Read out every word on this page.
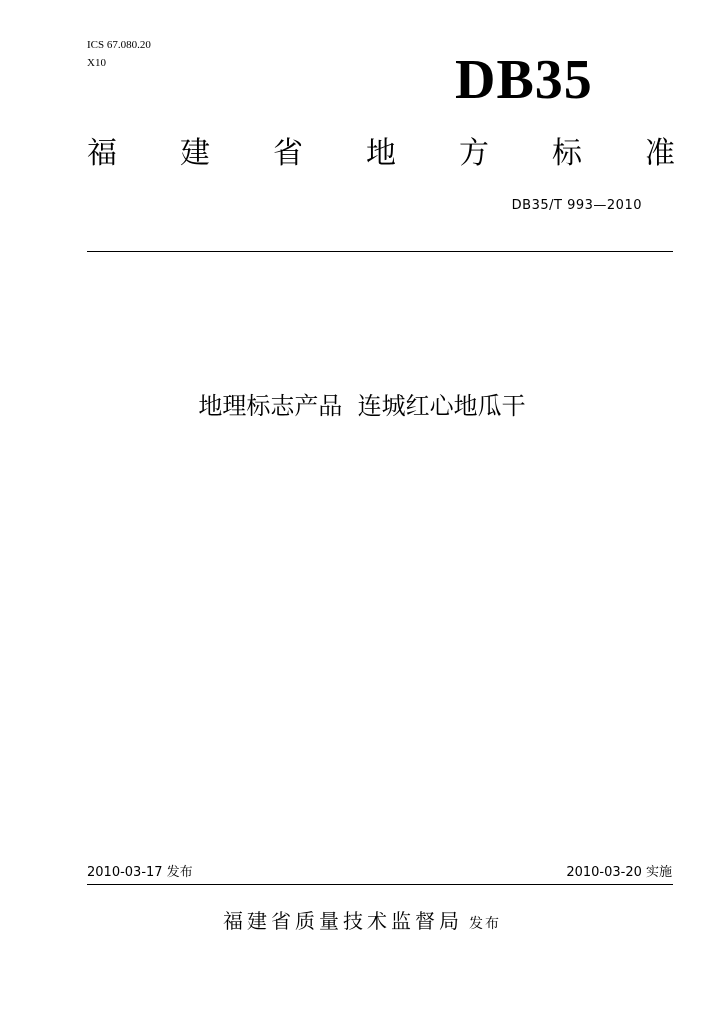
ICS 67.080.20
X10	DB35
福 建 省 地 方 标 准
DB35/T 993—2010
地理标志产品  连城红心地瓜干
2010-03-17 发布	2010-03-20 实施
福建省质量技术监督局 发布
